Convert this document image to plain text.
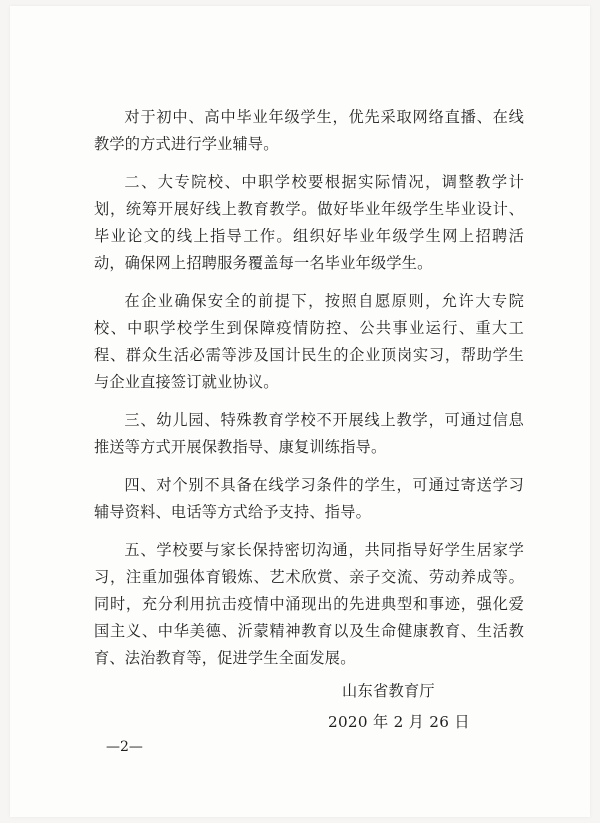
对于初中、高中毕业年级学生，优先采取网络直播、在线教学的方式进行学业辅导。

二、大专院校、中职学校要根据实际情况，调整教学计划，统筹开展好线上教育教学。做好毕业年级学生毕业设计、毕业论文的线上指导工作。组织好毕业年级学生网上招聘活动，确保网上招聘服务覆盖每一名毕业年级学生。

在企业确保安全的前提下，按照自愿原则，允许大专院校、中职学校学生到保障疫情防控、公共事业运行、重大工程、群众生活必需等涉及国计民生的企业顶岗实习，帮助学生与企业直接签订就业协议。

三、幼儿园、特殊教育学校不开展线上教学，可通过信息推送等方式开展保教指导、康复训练指导。

四、对个别不具备在线学习条件的学生，可通过寄送学习辅导资料、电话等方式给予支持、指导。

五、学校要与家长保持密切沟通，共同指导好学生居家学习，注重加强体育锻炼、艺术欣赏、亲子交流、劳动养成等。同时，充分利用抗击疫情中涌现出的先进典型和事迹，强化爱国主义、中华美德、沂蒙精神教育以及生命健康教育、生活教育、法治教育等，促进学生全面发展。

山东省教育厅
2020 年 2 月 26 日
—2—
